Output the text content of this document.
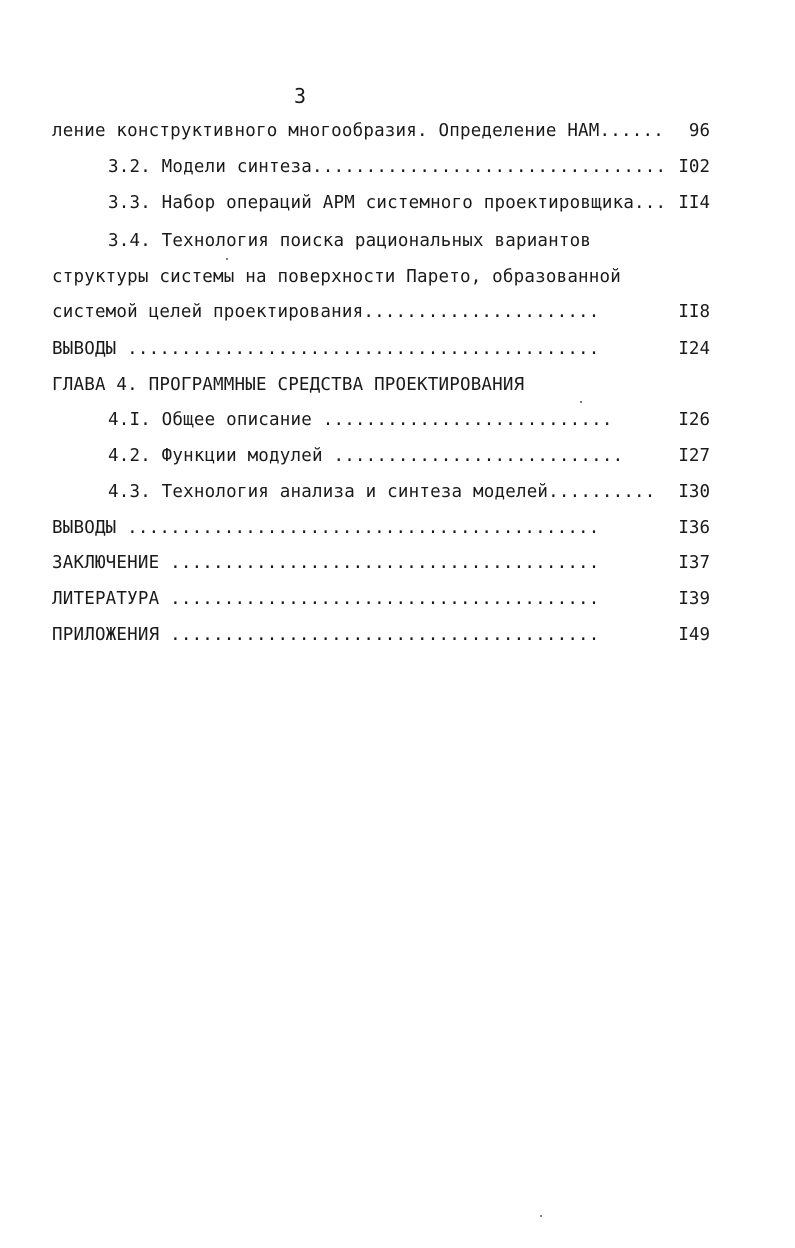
3
ление конструктивного многообразия. Определение НАМ...... 96
3.2. Модели синтеза................................. I02
3.3. Набор операций АРМ системного проектировщика... II4
3.4. Технология поиска рациональных вариантов
структуры системы на поверхности Парето, образованной
системой целей проектирования......................	II8
ВЫВОДЫ ............................................	I24
ГЛАВА 4. ПРОГРАММНЫЕ СРЕДСТВА ПРОЕКТИРОВАНИЯ
4.I. Общее описание ...........................	I26
4.2. Функции модулей ...........................	I27
4.3. Технология анализа и синтеза моделей.......... I30
ВЫВОДЫ ............................................	I36
ЗАКЛЮЧЕНИЕ ........................................	I37
ЛИТЕРАТУРА ........................................	I39
ПРИЛОЖЕНИЯ ........................................	I49
